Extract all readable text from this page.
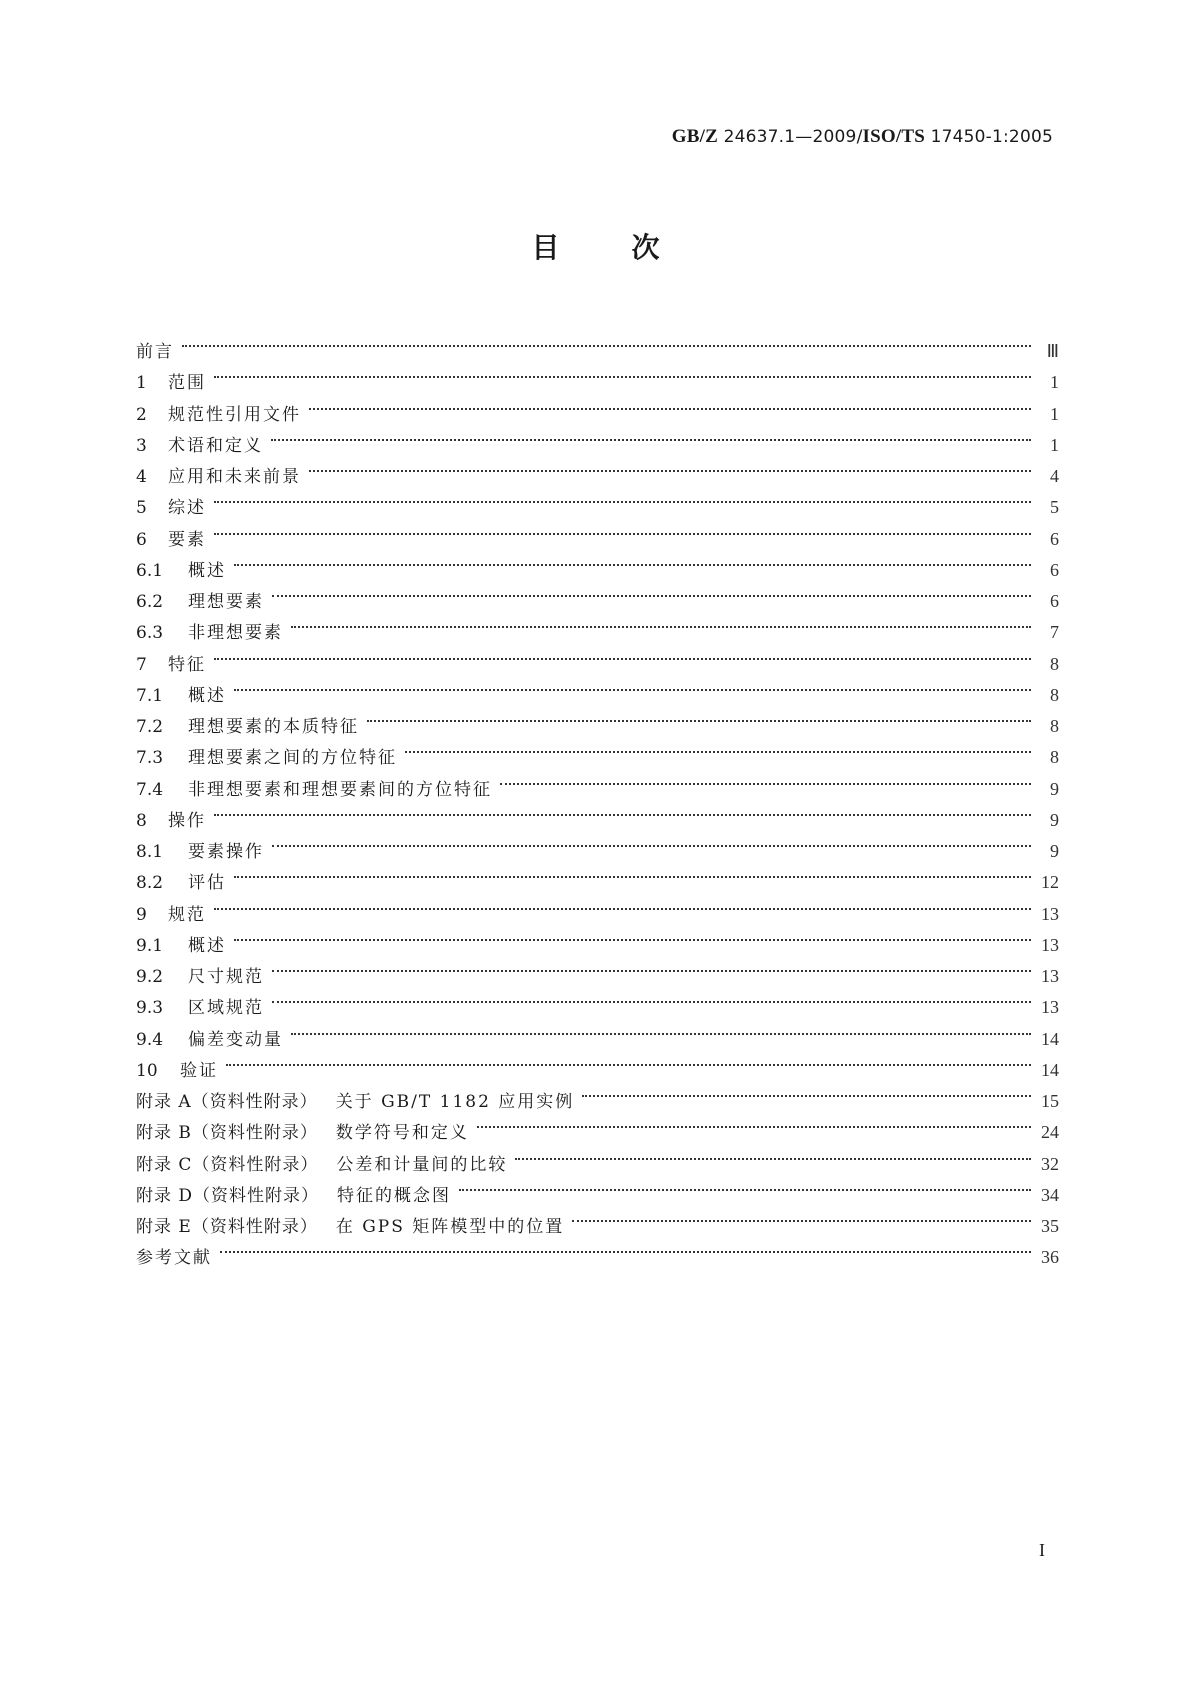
GB/Z 24637.1—2009/ISO/TS 17450-1:2005
目	次
前言	Ⅲ
1	范围	1
2	规范性引用文件	1
3	术语和定义	1
4	应用和未来前景	4
5	综述	5
6	要素	6
6.1	概述	6
6.2	理想要素	6
6.3	非理想要素	7
7	特征	8
7.1	概述	8
7.2	理想要素的本质特征	8
7.3	理想要素之间的方位特征	8
7.4	非理想要素和理想要素间的方位特征	9
8	操作	9
8.1	要素操作	9
8.2	评估	12
9	规范	13
9.1	概述	13
9.2	尺寸规范	13
9.3	区域规范	13
9.4	偏差变动量	14
10	验证	14
附录 A（资料性附录） 关于 GB/T 1182 应用实例	15
附录 B（资料性附录） 数学符号和定义	24
附录 C（资料性附录） 公差和计量间的比较	32
附录 D（资料性附录） 特征的概念图	34
附录 E（资料性附录） 在 GPS 矩阵模型中的位置	35
参考文献	36
I
